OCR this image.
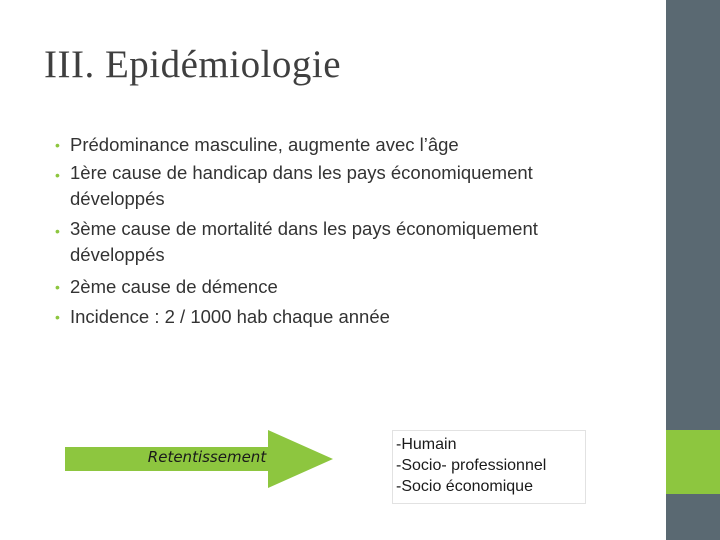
III. Epidémiologie
• Prédominance masculine, augmente avec l’âge
• 1ère cause de handicap dans les pays économiquement développés
• 3ème cause de mortalité dans les pays économiquement développés
• 2ème cause de démence
• Incidence : 2 / 1000 hab chaque année
Retentissement
-Humain
-Socio- professionnel
-Socio économique
